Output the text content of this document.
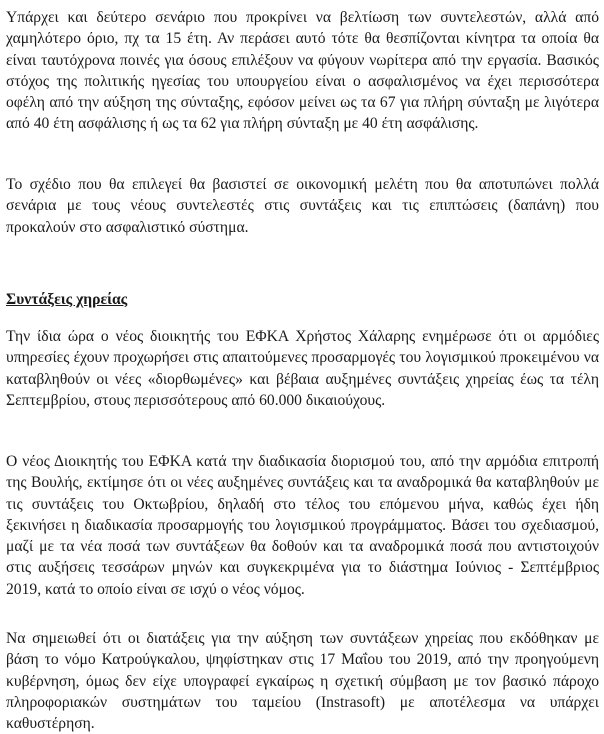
Υπάρχει και δεύτερο σενάριο που προκρίνει να βελτίωση των συντελεστών, αλλά από χαμηλότερο όριο, πχ τα 15 έτη. Αν περάσει αυτό τότε θα θεσπίζονται κίνητρα τα οποία θα είναι ταυτόχρονα ποινές για όσους επιλέξουν να φύγουν νωρίτερα από την εργασία. Βασικός στόχος της πολιτικής ηγεσίας του υπουργείου είναι ο ασφαλισμένος να έχει περισσότερα οφέλη από την αύξηση της σύνταξης, εφόσον μείνει ως τα 67 για πλήρη σύνταξη με λιγότερα από 40 έτη ασφάλισης ή ως τα 62 για πλήρη σύνταξη με 40 έτη ασφάλισης.

Το σχέδιο που θα επιλεγεί θα βασιστεί σε οικονομική μελέτη που θα αποτυπώνει πολλά σενάρια με τους νέους συντελεστές στις συντάξεις και τις επιπτώσεις (δαπάνη) που προκαλούν στο ασφαλιστικό σύστημα.

Συντάξεις χηρείας

Την ίδια ώρα ο νέος διοικητής του ΕΦΚΑ Χρήστος Χάλαρης ενημέρωσε ότι οι αρμόδιες υπηρεσίες έχουν προχωρήσει στις απαιτούμενες προσαρμογές του λογισμικού προκειμένου να καταβληθούν οι νέες «διορθωμένες» και βέβαια αυξημένες συντάξεις χηρείας έως τα τέλη Σεπτεμβρίου, στους περισσότερους από 60.000 δικαιούχους.

Ο νέος Διοικητής του ΕΦΚΑ κατά την διαδικασία διορισμού του, από την αρμόδια επιτροπή της Βουλής, εκτίμησε ότι οι νέες αυξημένες συντάξεις και τα αναδρομικά θα καταβληθούν με τις συντάξεις του Οκτωβρίου, δηλαδή στο τέλος του επόμενου μήνα, καθώς έχει ήδη ξεκινήσει η διαδικασία προσαρμογής του λογισμικού προγράμματος. Βάσει του σχεδιασμού, μαζί με τα νέα ποσά των συντάξεων θα δοθούν και τα αναδρομικά ποσά που αντιστοιχούν στις αυξήσεις τεσσάρων μηνών και συγκεκριμένα για το διάστημα Ιούνιος - Σεπτέμβριος 2019, κατά το οποίο είναι σε ισχύ ο νέος νόμος.

Να σημειωθεί ότι οι διατάξεις για την αύξηση των συντάξεων χηρείας που εκδόθηκαν με βάση το νόμο Κατρούγκαλου, ψηφίστηκαν στις 17 Μαΐου του 2019, από την προηγούμενη κυβέρνηση, όμως δεν είχε υπογραφεί εγκαίρως η σχετική σύμβαση με τον βασικό πάροχο πληροφοριακών συστημάτων του ταμείου (Instrasoft) με αποτέλεσμα να υπάρχει καθυστέρηση.
